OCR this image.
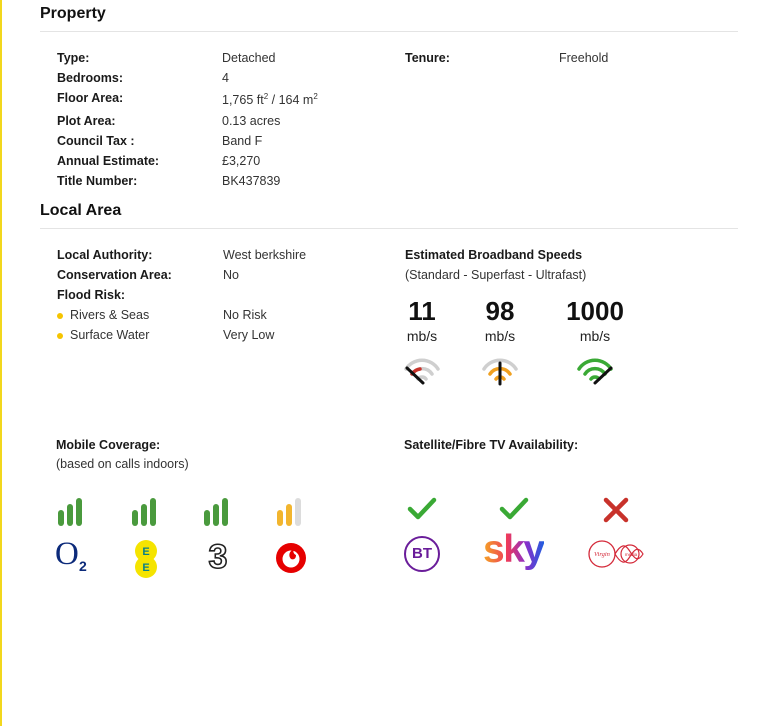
Property
Type:	Detached
Bedrooms:	4
Floor Area:	1,765 $ft^2 / 164$ $m^2$
Plot Area:	0.13 acres
Council Tax :	Band F
Annual Estimate:	£3,270
Title Number:	BK437839
Tenure:	Freehold
Local Area
Local Authority:	West berkshire
Conservation Area:	No
Flood Risk:
Rivers & Seas	No Risk
Surface Water	Very Low
Estimated Broadband Speeds
(Standard - Superfast - Ultrafast)
11
mb/s
98
mb/s
1000
mb/s
Mobile Coverage:
(based on calls indoors)
O 2
E
E 3
Satellite/Fibre TV Availability:
BT sky	Virgin	media
